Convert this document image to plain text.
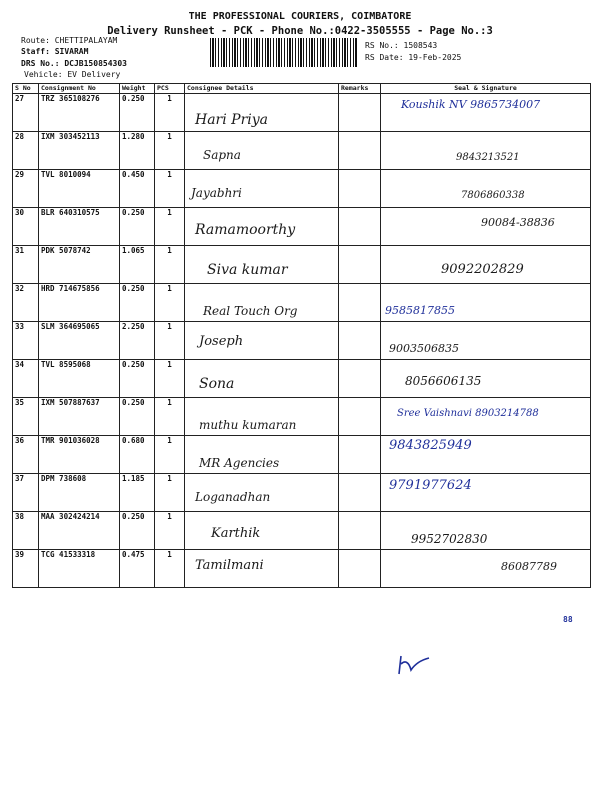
THE PROFESSIONAL COURIERS, COIMBATORE
Delivery Runsheet - PCK - Phone No.:0422-3505555 - Page No.:3
Route: CHETTIPALAYAM
Staff: SIVARAM
DRS No.: DCJB150854303
Vehicle: EV Delivery
RS No.: 1508543
RS Date: 19-Feb-2025
S No	Consignment No	Weight	PCS	Consignee Details	Remarks	Seal & Signature
27	TRZ 365108276	0.250	1	Hari Priya		Koushik NV 9865734007

28	IXM 303452113	1.280	1	Sapna		9843213521

29	TVL 8010094	0.450	1	Jayabhri		7806860338

30	BLR 640310575	0.250	1	Ramamoorthy		90084-38836

31	PDK 5078742	1.065	1	Siva kumar		9092202829

32	HRD 714675856	0.250	1	Real Touch Org		9585817855

33	SLM 364695065	2.250	1	Joseph		9003506835

34	TVL 8595068	0.250	1	Sona		8056606135

35	IXM 507887637	0.250	1	muthu kumaran		Sree Vaishnavi 8903214788

36	TMR 901036028	0.680	1	MR Agencies		9843825949

37	DPM 738608	1.185	1	Loganadhan		9791977624

38	MAA 302424214	0.250	1	Karthik		9952702830

39	TCG 41533318	0.475	1	Tamilmani		86087789
88
